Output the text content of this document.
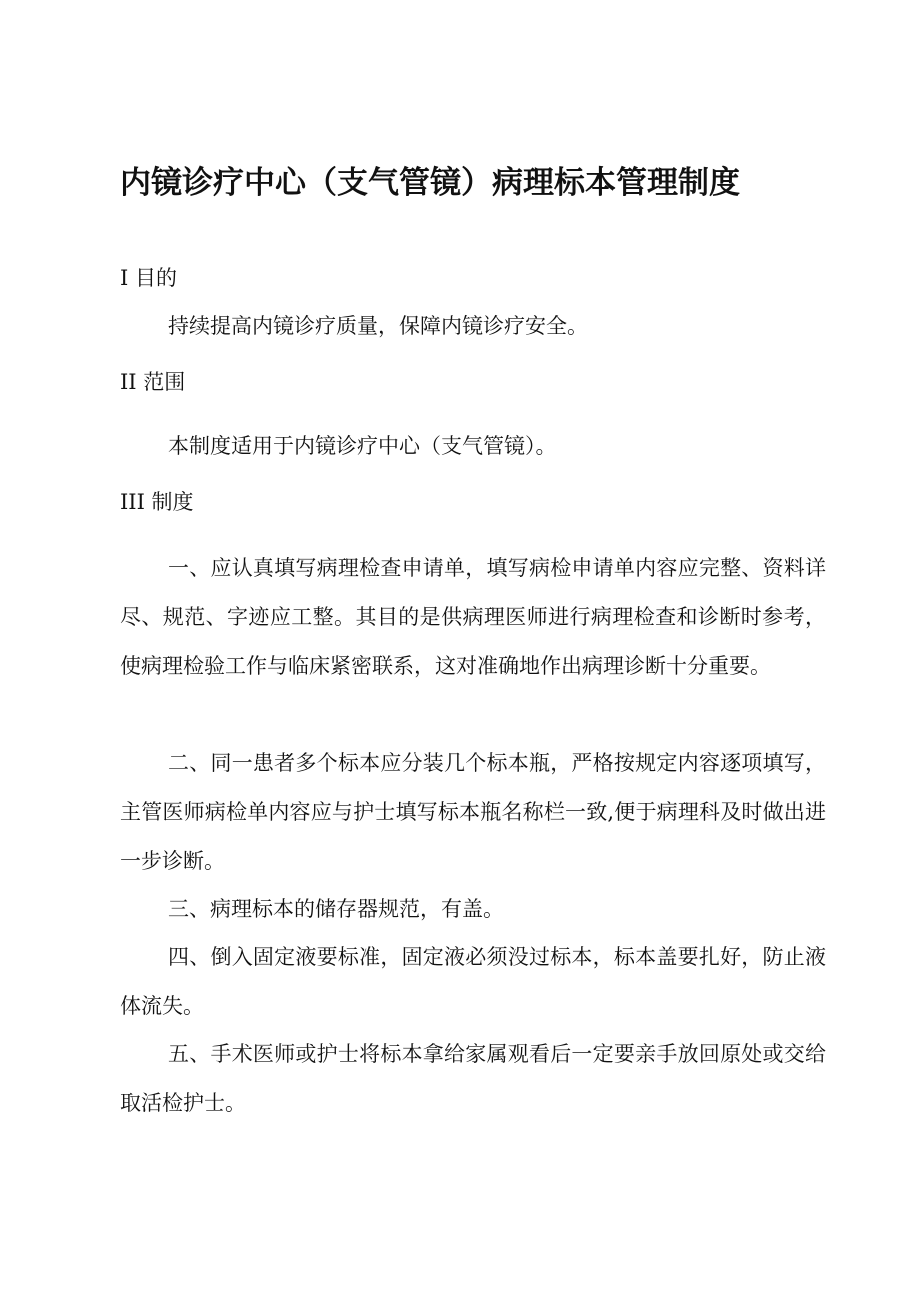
内镜诊疗中心（支气管镜）病理标本管理制度
I 目的

持续提高内镜诊疗质量，保障内镜诊疗安全。

II 范围

本制度适用于内镜诊疗中心（支气管镜）。

III 制度

一、应认真填写病理检查申请单，填写病检申请单内容应完整、资料详尽、规范、字迹应工整。其目的是供病理医师进行病理检查和诊断时参考，使病理检验工作与临床紧密联系，这对准确地作出病理诊断十分重要。

二、同一患者多个标本应分装几个标本瓶，严格按规定内容逐项填写，主管医师病检单内容应与护士填写标本瓶名称栏一致,便于病理科及时做出进一步诊断。

三、病理标本的储存器规范，有盖。

四、倒入固定液要标准，固定液必须没过标本，标本盖要扎好，防止液体流失。

五、手术医师或护士将标本拿给家属观看后一定要亲手放回原处或交给取活检护士。
